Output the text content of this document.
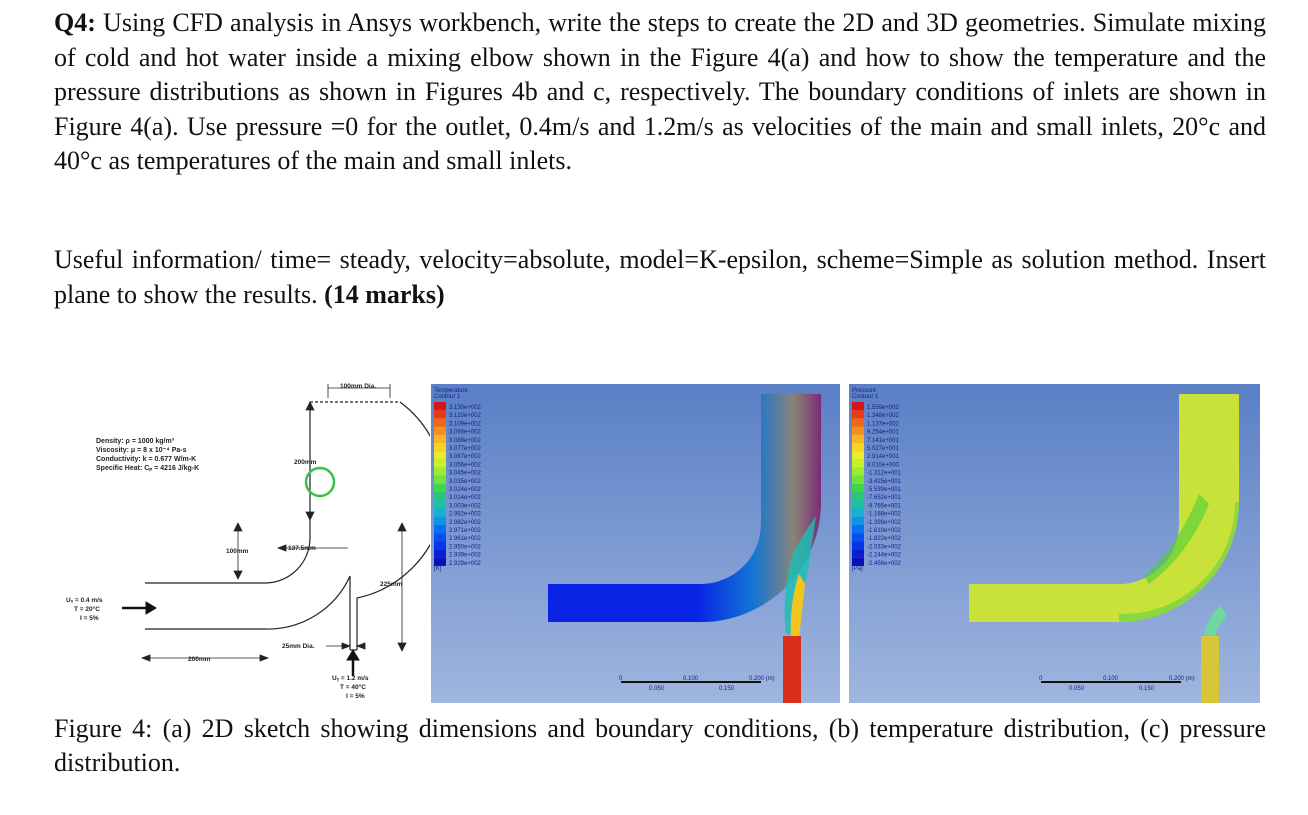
Q4: Using CFD analysis in Ansys workbench, write the steps to create the 2D and 3D geometries. Simulate mixing of cold and hot water inside a mixing elbow shown in the Figure 4(a) and how to show the temperature and the pressure distributions as shown in Figures 4b and c, respectively. The boundary conditions of inlets are shown in Figure 4(a). Use pressure =0 for the outlet, 0.4m/s and 1.2m/s as velocities of the main and small inlets, 20°c and 40°c as temperatures of the main and small inlets.
Useful information/ time= steady, velocity=absolute, model=K-epsilon, scheme=Simple as solution method. Insert plane to show the results. (14 marks)
Density: ρ = 1000 kg/m³
Viscosity: μ = 8 x 10⁻⁴ Pa-s
Conductivity: k = 0.677 W/m-K
Specific Heat: Cₚ = 4216 J/kg-K
100mm Dia.
200mm
100mm	137.5mm
225mm
25mm Dia.
200mm
Uₓ = 0.4 m/s
T = 20°C
I = 5%
Uᵧ = 1.2 m/s
T = 40°C
I = 5%
Temperature
Contour 1
3.130e+002
3.120e+002
3.109e+002
3.098e+002
3.088e+002
3.077e+002
3.067e+002
3.056e+002
3.045e+002
3.035e+002
3.024e+002
3.014e+002
3.003e+002
2.992e+002
2.982e+002
2.971e+002
2.961e+002
2.950e+002
2.939e+002
2.929e+002
[K]
0	0.100	0.200 (m)
0.050	0.150
Pressure
Contour 1
1.559e+002
1.348e+002
1.137e+002
9.254e+001
7.141e+001
5.027e+001
2.914e+001
8.010e+000
-1.312e+001
-3.425e+001
-5.539e+001
-7.652e+001
-9.765e+001
-1.188e+002
-1.399e+002
-1.610e+002
-1.822e+002
-2.033e+002
-2.244e+002
-2.456e+002
[Pa]
0	0.100	0.200 (m)
0.050	0.150
Figure 4: (a) 2D sketch showing dimensions and boundary conditions, (b) temperature distribution, (c) pressure distribution.
